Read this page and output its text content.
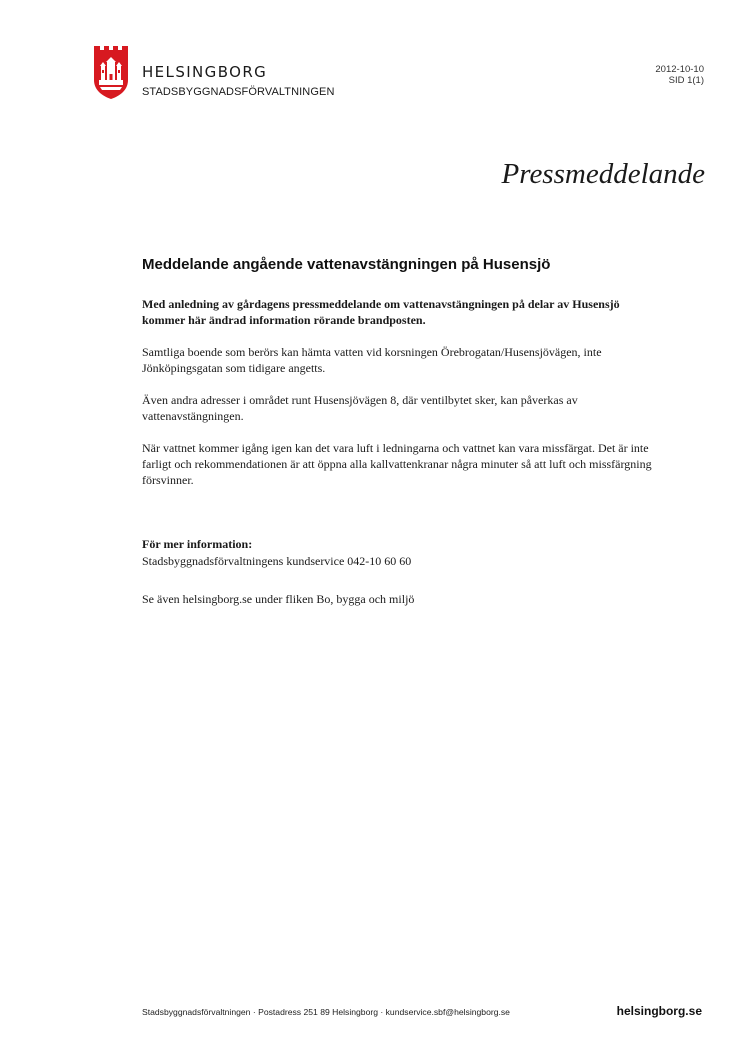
HELSINGBORG
STADSBYGGNADSFÖRVALTNINGEN
2012-10-10
SID 1(1)
Pressmeddelande
Meddelande angående vattenavstängningen på Husensjö
Med anledning av gårdagens pressmeddelande om vattenavstängningen på delar av Husensjö kommer här ändrad information rörande brandposten.
Samtliga boende som berörs kan hämta vatten vid korsningen Örebrogatan/Husensjövägen, inte Jönköpingsgatan som tidigare angetts.
Även andra adresser i området runt Husensjövägen 8, där ventilbytet sker, kan påverkas av vattenavstängningen.
När vattnet kommer igång igen kan det vara luft i ledningarna och vattnet kan vara missfärgat. Det är inte farligt och rekommendationen är att öppna alla kallvattenkranar några minuter så att luft och missfärgning försvinner.
För mer information:
Stadsbyggnadsförvaltningens kundservice 042-10 60 60
Se även helsingborg.se under fliken Bo, bygga och miljö
Stadsbyggnadsförvaltningen · Postadress 251 89 Helsingborg · kundservice.sbf@helsingborg.se	helsingborg.se
